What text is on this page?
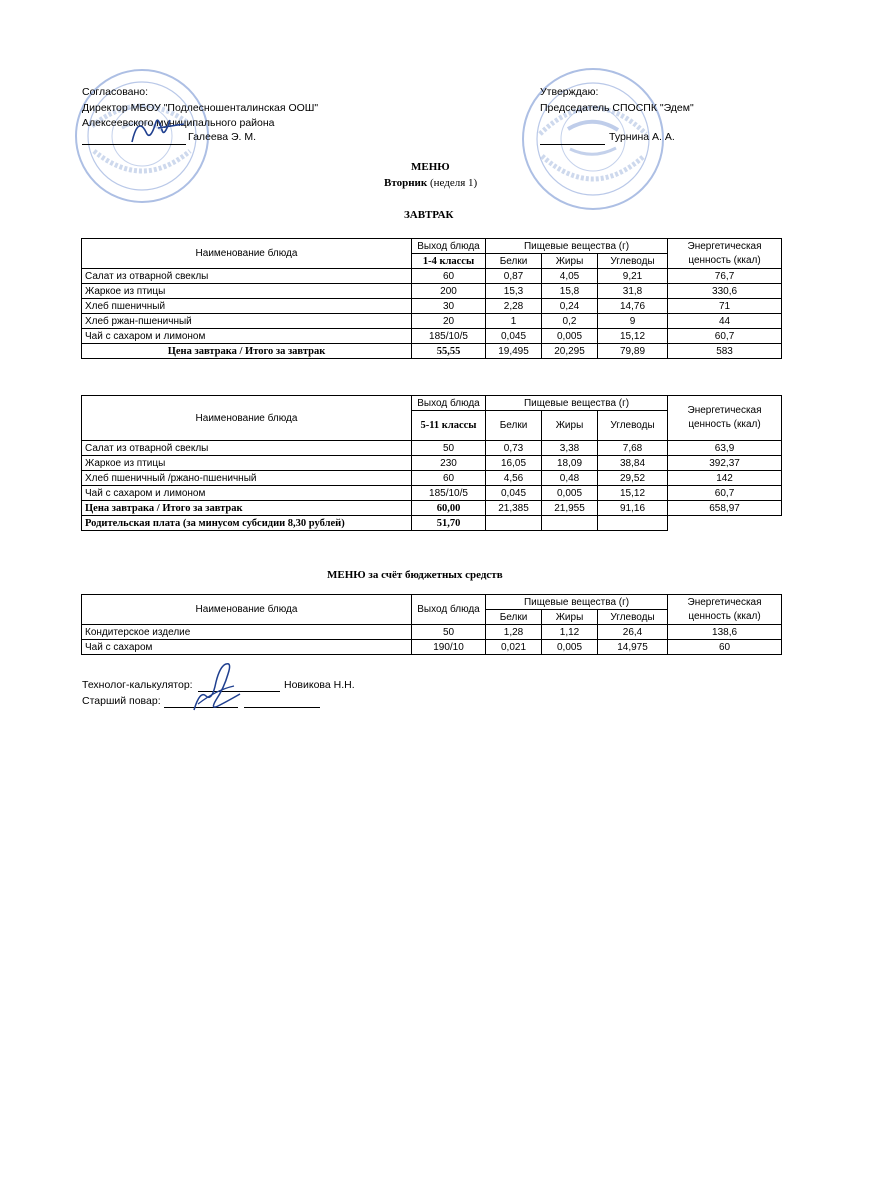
Согласовано:
Директор МБОУ "Подлесношенталинская ООШ"
Алексеевского муниципального района
Галеева Э. М.
Утверждаю:
Председатель СПОСПК "Эдем"
Турнина А. А.
МЕНЮ
Вторник (неделя 1)
ЗАВТРАК
Наименование блюда	Выход блюда	Пищевые вещества (г)			Энергетическая ценность (ккал)
	1-4 классы	Белки	Жиры	Углеводы	
Салат из отварной свеклы	60	0,87	4,05	9,21	76,7
Жаркое из птицы	200	15,3	15,8	31,8	330,6
Хлеб пшеничный	30	2,28	0,24	14,76	71
Хлеб ржан-пшеничный	20	1	0,2	9	44
Чай с сахаром и лимоном	185/10/5	0,045	0,005	15,12	60,7
Цена завтрака / Итого за завтрак	55,55	19,495	20,295	79,89	583
Наименование блюда	Выход блюда	Пищевые вещества (г)			Энергетическая ценность (ккал)
	5-11 классы	Белки	Жиры	Углеводы	
Салат из отварной свеклы	50	0,73	3,38	7,68	63,9
Жаркое из птицы	230	16,05	18,09	38,84	392,37
Хлеб пшеничный /ржано-пшеничный	60	4,56	0,48	29,52	142
Чай с сахаром и лимоном	185/10/5	0,045	0,005	15,12	60,7
Цена завтрака / Итого за завтрак	60,00	21,385	21,955	91,16	658,97
Родительская плата (за минусом субсидии 8,30 рублей)	51,70				
МЕНЮ за счёт бюджетных средств
Наименование блюда	Выход блюда	Пищевые вещества (г)			Энергетическая ценность (ккал)
		Белки	Жиры	Углеводы	
Кондитерское изделие	50	1,28	1,12	26,4	138,6
Чай с сахаром	190/10	0,021	0,005	14,975	60
Технолог-калькулятор:	Новикова Н.Н.
Старший повар:
